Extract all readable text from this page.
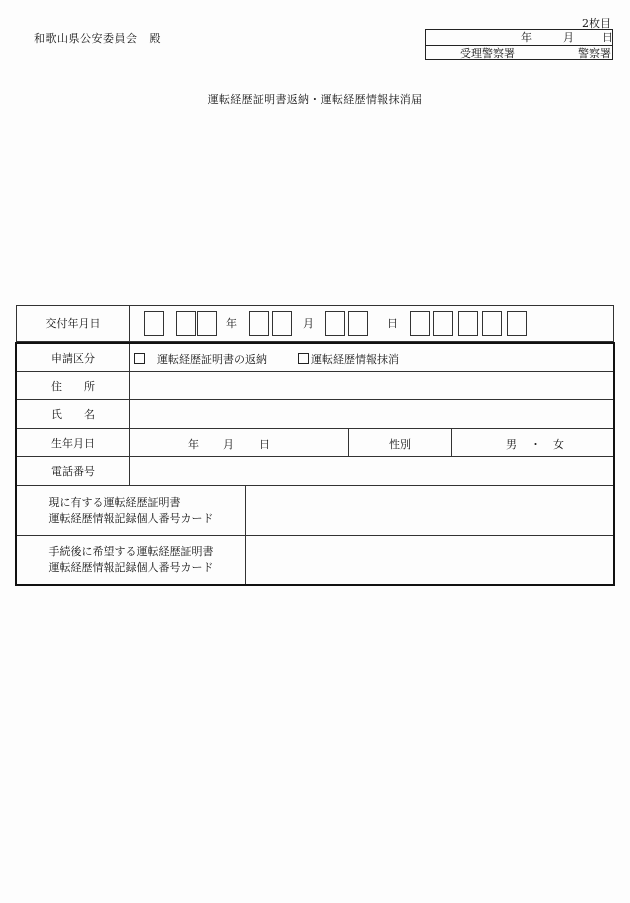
2枚目
和歌山県公安委員会 殿	年	月	日
受理警察署	警察署
運転経歴証明書返納・運転経歴情報抹消届
交付年月日	年	月	日
申請区分	運転経歴証明書の返納	運転経歴情報抹消
住　　所
氏　　名
生年月日	年 月 日	性別	男 ・ 女
電話番号
現に有する運転経歴証明書
運転経歴情報記録個人番号カード
手続後に希望する運転経歴証明書
運転経歴情報記録個人番号カード
